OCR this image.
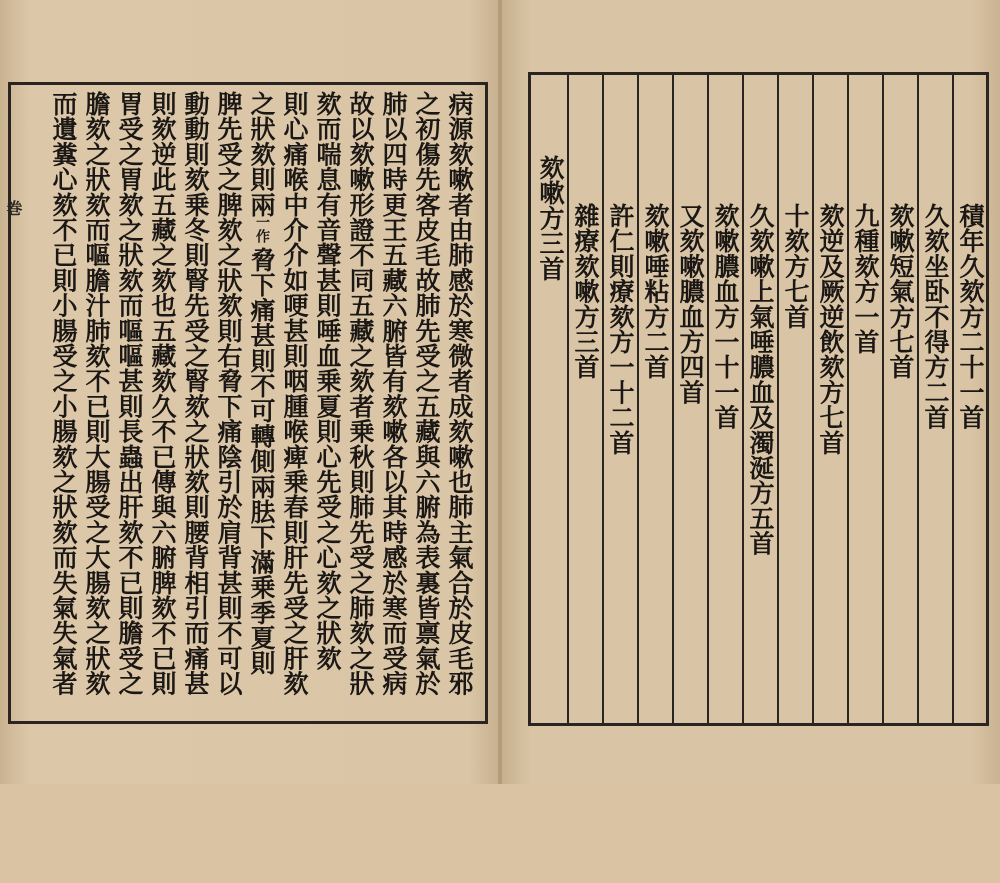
巻	病源欬嗽者由肺感於寒微者成欬嗽也肺主氣合於皮毛邪
之初傷先客皮毛故肺先受之五藏與六腑為表裏皆禀氣於
肺以四時更王五藏六腑皆有欬嗽各以其時感於寒而受病
故以欬嗽形證不同五藏之欬者乗秋則肺先受之肺欬之狀
欬而喘息有音聲甚則唾血乗夏則心先受之心欬之狀欬
則心痛喉中介介如哽甚則咽腫喉痺乗春則肝先受之肝欬
之狀欬則兩
一作
脅下痛甚則不可轉側兩胠下滿乗季夏則
脾先受之脾欬之狀欬則右脅下痛陰引於肩背甚則不可以
動動則欬乗冬則腎先受之腎欬之狀欬則腰背相引而痛甚
則欬逆此五藏之欬也五藏欬久不已傳與六腑脾欬不已則
胃受之胃欬之狀欬而嘔嘔甚則長蟲出肝欬不已則膽受之
膽欬之狀欬而嘔膽汁肺欬不已則大腸受之大腸欬之狀欬
而遺糞心欬不已則小腸受之小腸欬之狀欬而失氣失氣者	積年久欬方二十一首
久欬坐卧不得方二首
欬嗽短氣方七首
九種欬方一首
欬逆及厥逆飲欬方七首
十欬方七首
久欬嗽上氣唾膿血及濁涎方五首
欬嗽膿血方一十一首
又欬嗽膿血方四首
欬嗽唾粘方二首
許仁則療欬方一十二首
雜療欬嗽方三首
欬嗽方三首
